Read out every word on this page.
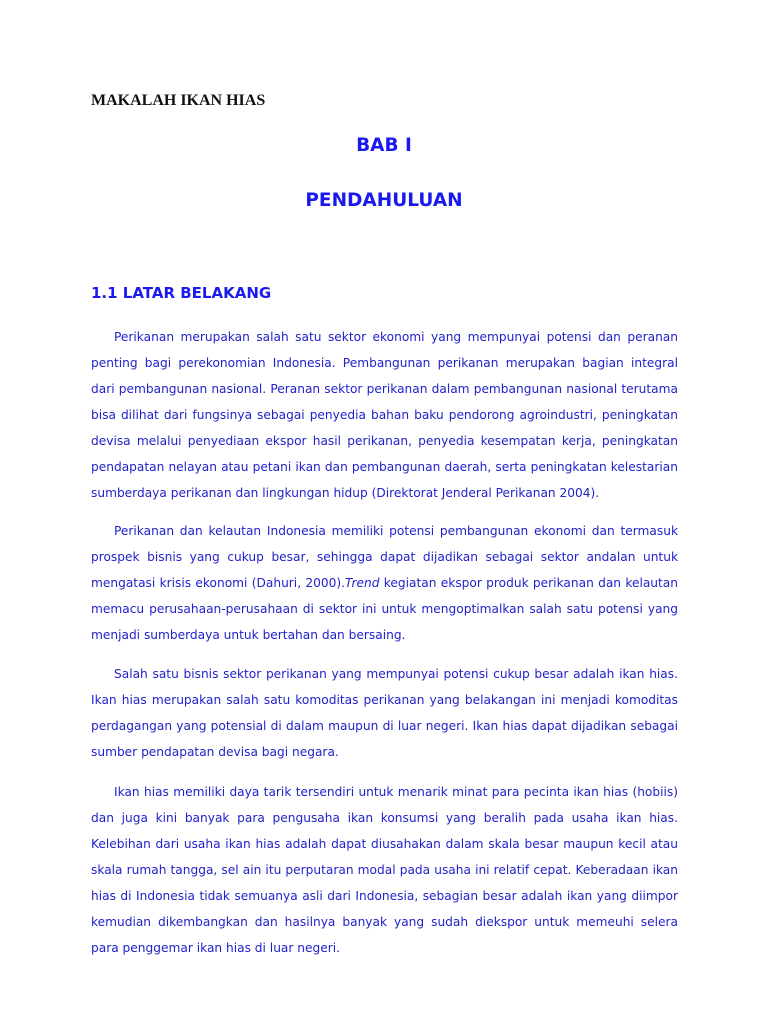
MAKALAH IKAN HIAS
BAB I
PENDAHULUAN
1.1 LATAR BELAKANG

Perikanan merupakan salah satu sektor ekonomi yang mempunyai potensi dan peranan penting bagi perekonomian Indonesia. Pembangunan perikanan merupakan bagian integral dari pembangunan nasional. Peranan sektor perikanan dalam pembangunan nasional terutama bisa dilihat dari fungsinya sebagai penyedia bahan baku pendorong agroindustri, peningkatan devisa melalui penyediaan ekspor hasil perikanan, penyedia kesempatan kerja, peningkatan pendapatan nelayan atau petani ikan dan pembangunan daerah, serta peningkatan kelestarian sumberdaya perikanan dan lingkungan hidup (Direktorat Jenderal Perikanan 2004).

Perikanan dan kelautan Indonesia memiliki potensi pembangunan ekonomi dan termasuk prospek bisnis yang cukup besar, sehingga dapat dijadikan sebagai sektor andalan untuk mengatasi krisis ekonomi (Dahuri, 2000).Trend kegiatan ekspor produk perikanan dan kelautan memacu perusahaan-perusahaan di sektor ini untuk mengoptimalkan salah satu potensi yang menjadi sumberdaya untuk bertahan dan bersaing.

Salah satu bisnis sektor perikanan yang mempunyai potensi cukup besar adalah ikan hias. Ikan hias merupakan salah satu komoditas perikanan yang belakangan ini menjadi komoditas perdagangan yang potensial di dalam maupun di luar negeri. Ikan hias dapat dijadikan sebagai sumber pendapatan devisa bagi negara.

Ikan hias memiliki daya tarik tersendiri untuk menarik minat para pecinta ikan hias (hobiis) dan juga kini banyak para pengusaha ikan konsumsi yang beralih pada usaha ikan hias. Kelebihan dari usaha ikan hias adalah dapat diusahakan dalam skala besar maupun kecil atau skala rumah tangga, sel ain itu perputaran modal pada usaha ini relatif cepat. Keberadaan ikan hias di Indonesia tidak semuanya asli dari Indonesia, sebagian besar adalah ikan yang diimpor kemudian dikembangkan dan hasilnya banyak yang sudah diekspor untuk memeuhi selera para penggemar ikan hias di luar negeri.
